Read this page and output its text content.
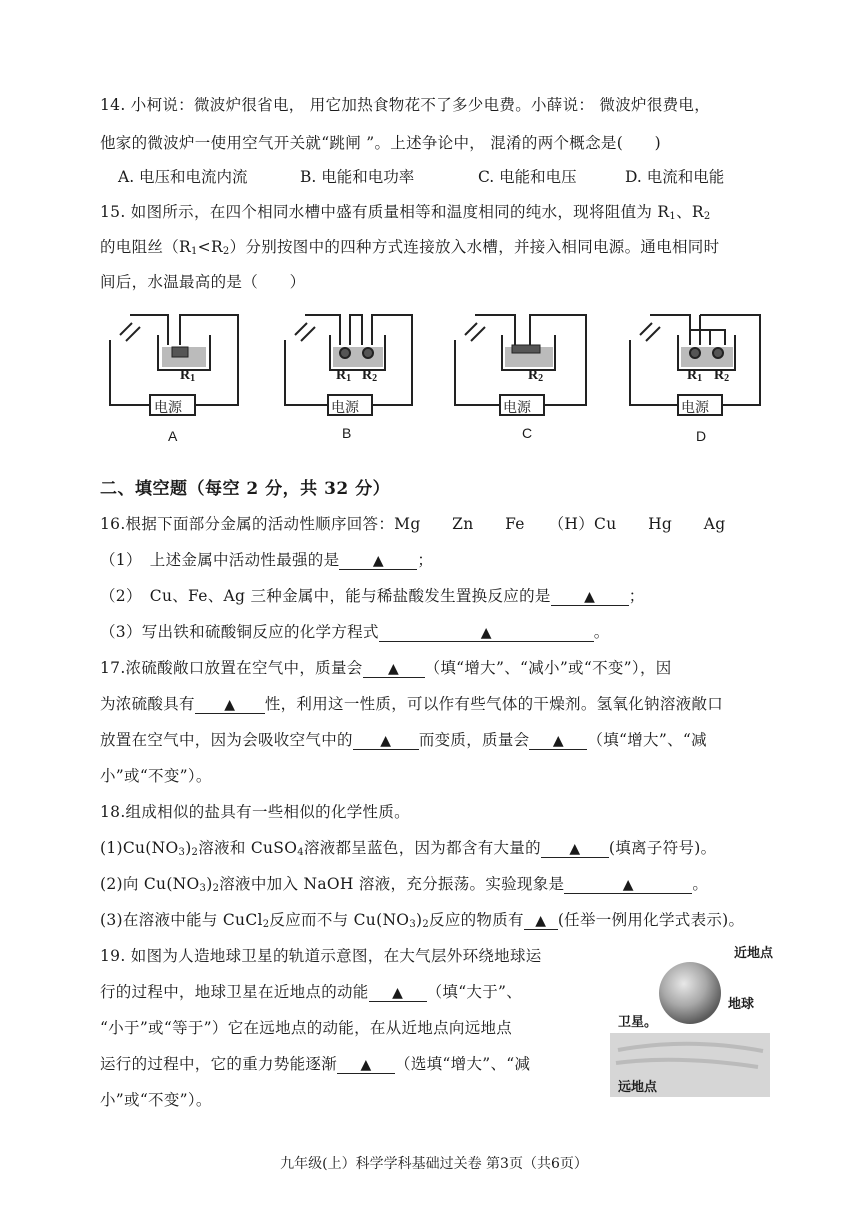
14. 小柯说：微波炉很省电， 用它加热食物花不了多少电费。小薛说： 微波炉很费电，
他家的微波炉一使用空气开关就“跳闸 ”。上述争论中， 混淆的两个概念是(　　)
A. 电压和电流内流	B. 电能和电功率	C. 电能和电压	D. 电流和电能
15. 如图所示，在四个相同水槽中盛有质量相等和温度相同的纯水，现将阻值为 $R_1$、$R_2$
的电阻丝$(R_1<R_2)$分别按图中的四种方式连接放入水槽，并接入相同电源。通电相同时
间后，水温最高的是（　　）
$R_1$
电源
A
$R_1$ $R_2$
电源
B
$R_2$
电源
C
$R_1$ $R_2$
电源
D
二、填空题（每空 2 分，共 32 分）
16.根据下面部分金属的活动性顺序回答：Mg　　Zn　　Fe　　（H）Cu　　Hg　　Ag
（1）　上述金属中活动性最强的是 ▲ ；
（2）　Cu、Fe、Ag 三种金属中，能与稀盐酸发生置换反应的是 ▲ ；
（3）写出铁和硫酸铜反应的化学方程式	▲	。
17.浓硫酸敞口放置在空气中，质量会 ▲ （填“增大”、“减小”或“不变”），因
为浓硫酸具有 ▲ 性，利用这一性质，可以作有些气体的干燥剂。氢氧化钠溶液敞口
放置在空气中，因为会吸收空气中的 ▲ 而变质，质量会 ▲ （填“增大”、“减
小”或“不变”）。
18.组成相似的盐具有一些相似的化学性质。
$(1)Cu(NO_3)_2$溶液和 CuSO$_4$溶液都呈蓝色，因为都含有大量的 ▲ (填离子符号)。
(2)向 $Cu(NO_3)_2$溶液中加入 NaOH 溶液，充分振荡。实验现象是	▲	。
(3)在溶液中能与 CuCl$_2$反应而不与 $Cu(NO_3)_2$反应的物质有 ▲ (任举一例用化学式表示)。
19. 如图为人造地球卫星的轨道示意图，在大气层外环绕地球运
行的过程中，地球卫星在近地点的动能 ▲ （填“大于”、
“小于”或“等于”）它在远地点的动能，在从近地点向远地点
运行的过程中，它的重力势能逐渐 ▲ （选填“增大”、“减
小”或“不变”）。
近地点
地球
卫星。
远地点
九年级(上）科学学科基础过关卷 第3页（共6页）
